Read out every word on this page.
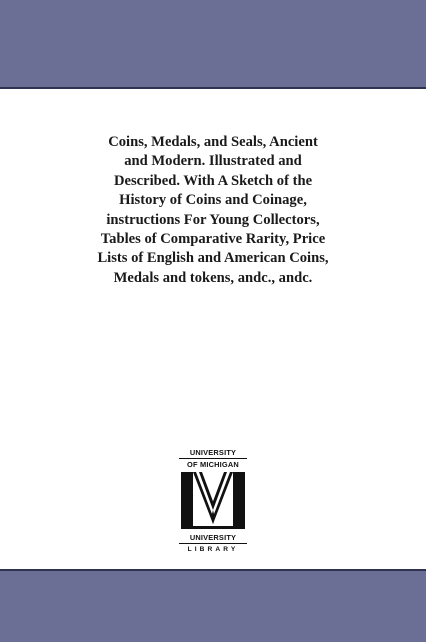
Coins, Medals, and Seals, Ancient
and Modern. Illustrated and
Described. With A Sketch of the
History of Coins and Coinage,
instructions For Young Collectors,
Tables of Comparative Rarity, Price
Lists of English and American Coins,
Medals and tokens, andc., andc.
UNIVERSITY
OF MICHIGAN
UNIVERSITY
LIBRARY
